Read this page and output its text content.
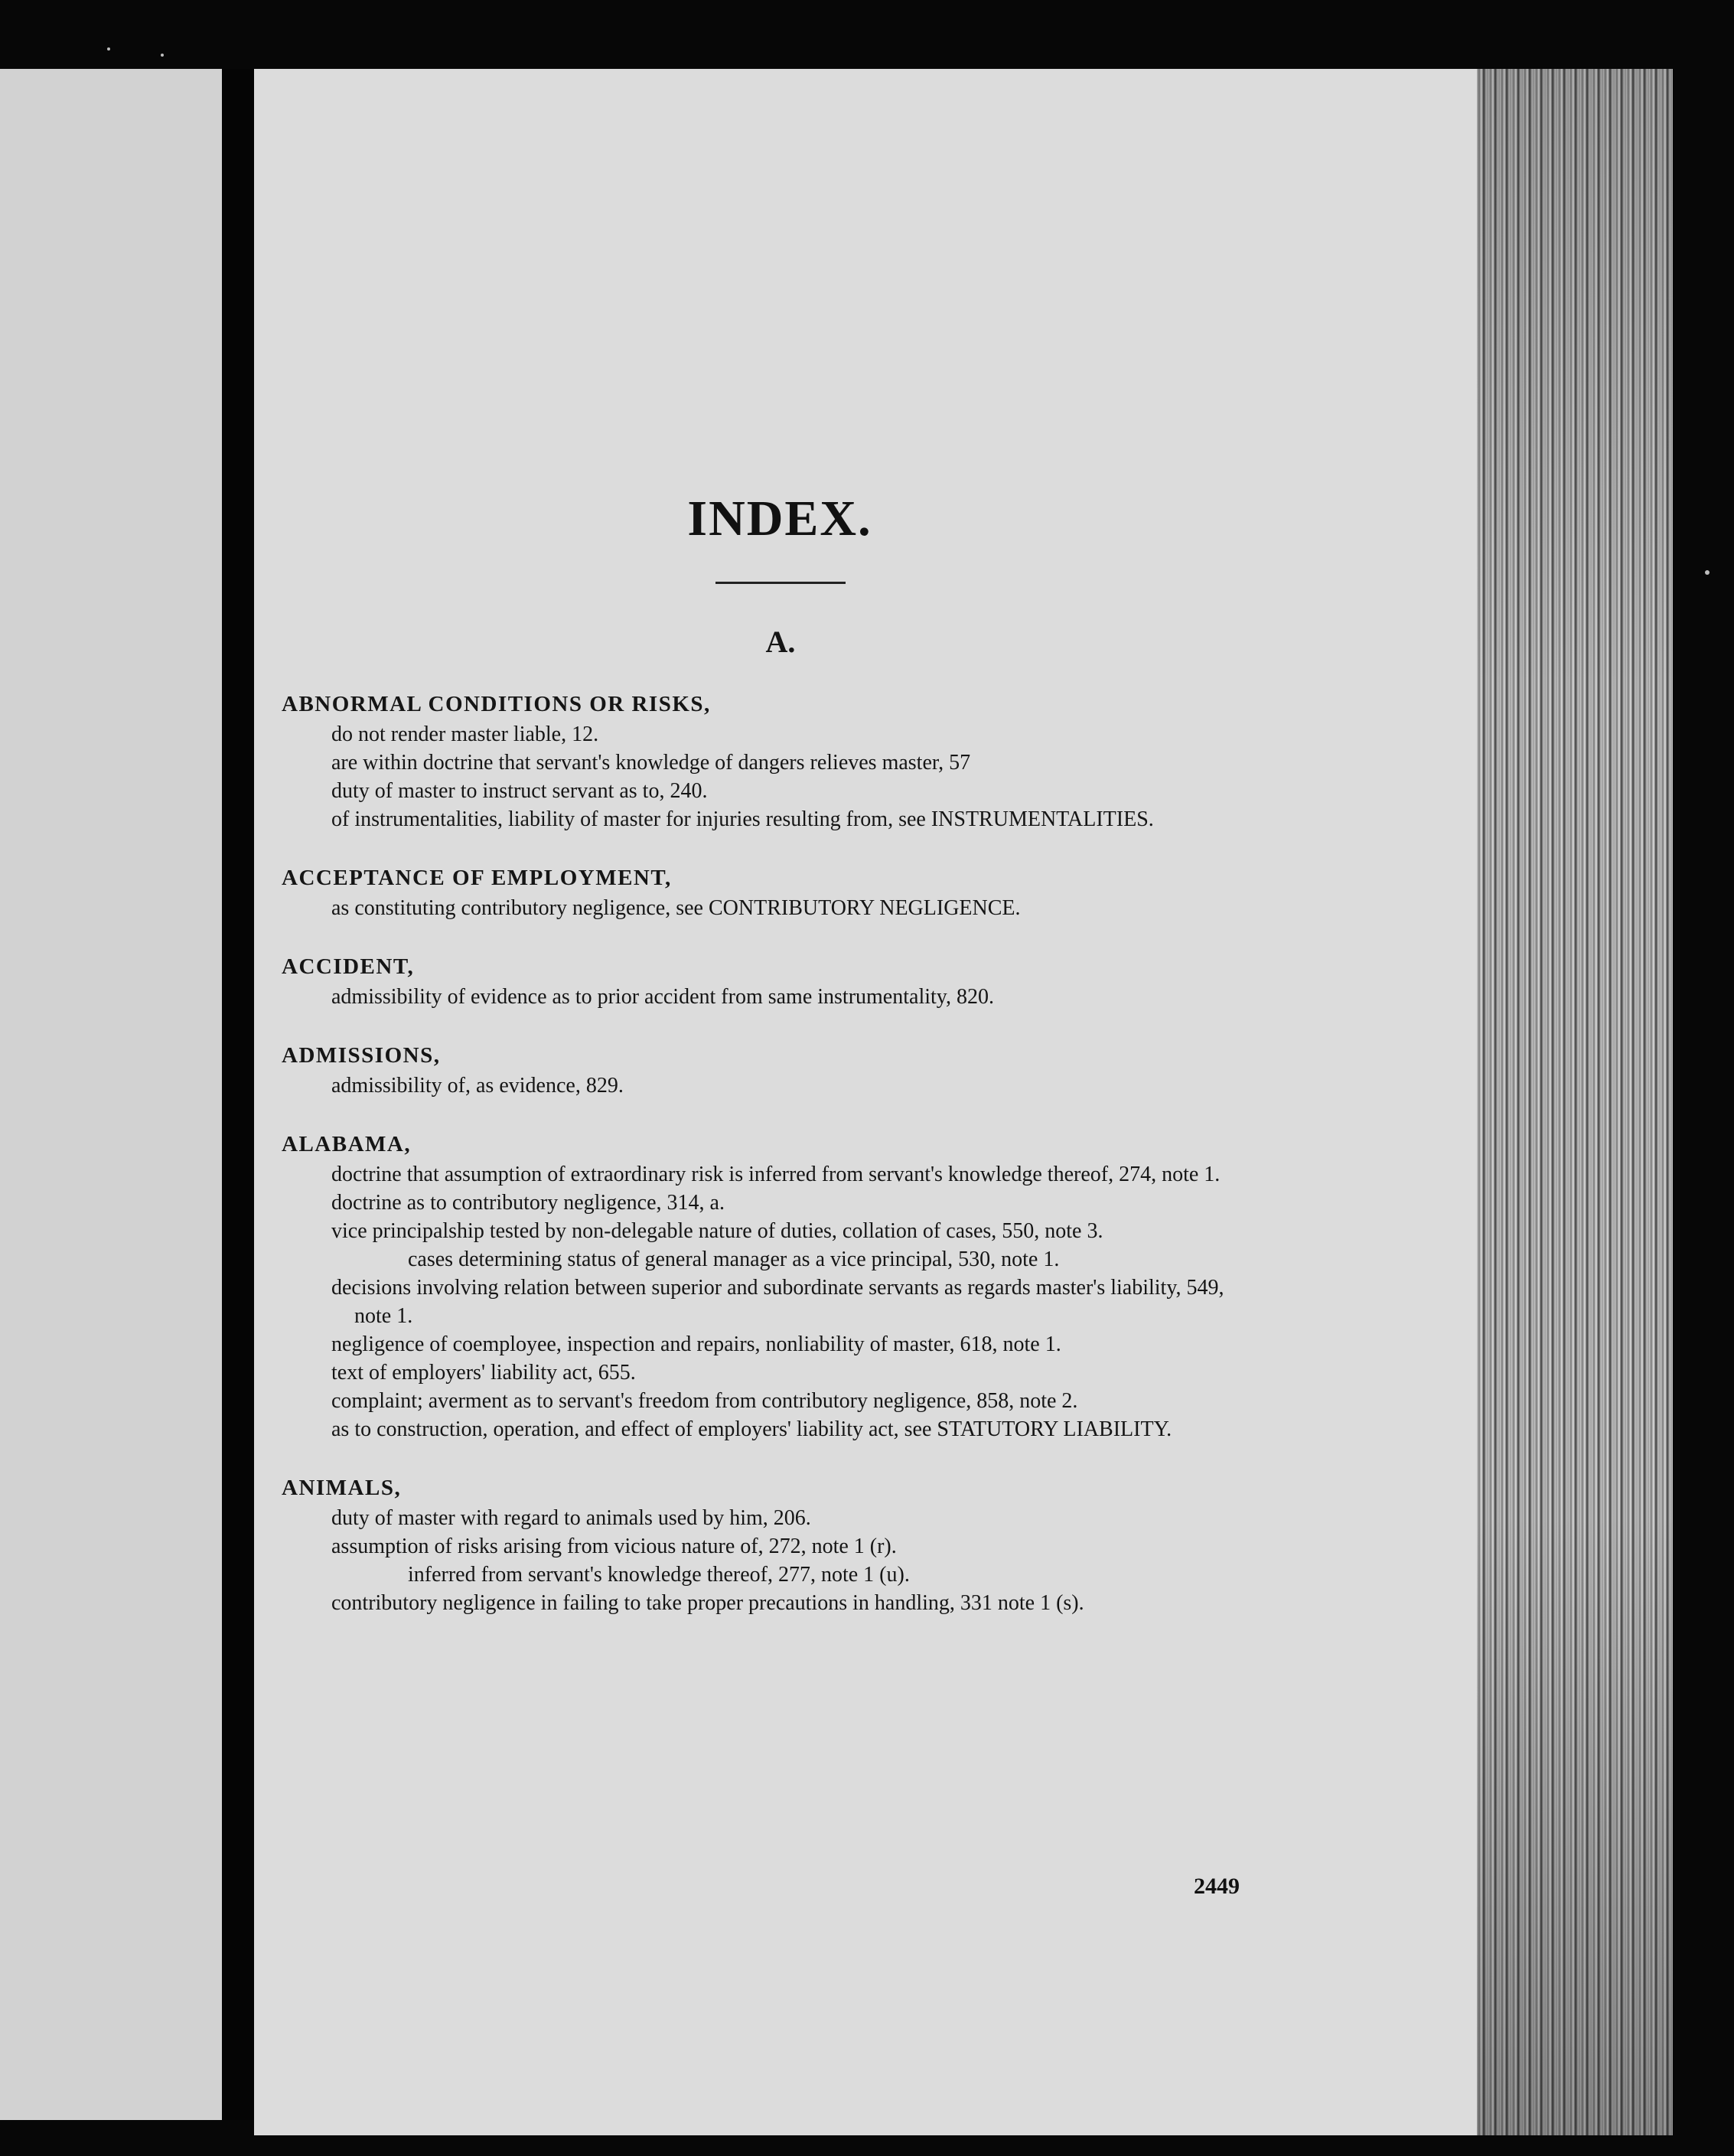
INDEX.
A.
ABNORMAL CONDITIONS OR RISKS,
do not render master liable, 12.
are within doctrine that servant's knowledge of dangers relieves master, 57
duty of master to instruct servant as to, 240.
of instrumentalities, liability of master for injuries resulting from, see INSTRUMENTALITIES.
ACCEPTANCE OF EMPLOYMENT,
as constituting contributory negligence, see CONTRIBUTORY NEGLIGENCE.
ACCIDENT,
admissibility of evidence as to prior accident from same instrumentality, 820.
ADMISSIONS,
admissibility of, as evidence, 829.
ALABAMA,
doctrine that assumption of extraordinary risk is inferred from servant's knowledge thereof, 274, note 1.
doctrine as to contributory negligence, 314, a.
vice principalship tested by non-delegable nature of duties, collation of cases, 550, note 3.
cases determining status of general manager as a vice principal, 530, note 1.
decisions involving relation between superior and subordinate servants as regards master's liability, 549, note 1.
negligence of coemployee, inspection and repairs, nonliability of master, 618, note 1.
text of employers' liability act, 655.
complaint; averment as to servant's freedom from contributory negligence, 858, note 2.
as to construction, operation, and effect of employers' liability act, see STATUTORY LIABILITY.
ANIMALS,
duty of master with regard to animals used by him, 206.
assumption of risks arising from vicious nature of, 272, note 1 (r).
inferred from servant's knowledge thereof, 277, note 1 (u).
contributory negligence in failing to take proper precautions in handling, 331 note 1 (s).
2449
